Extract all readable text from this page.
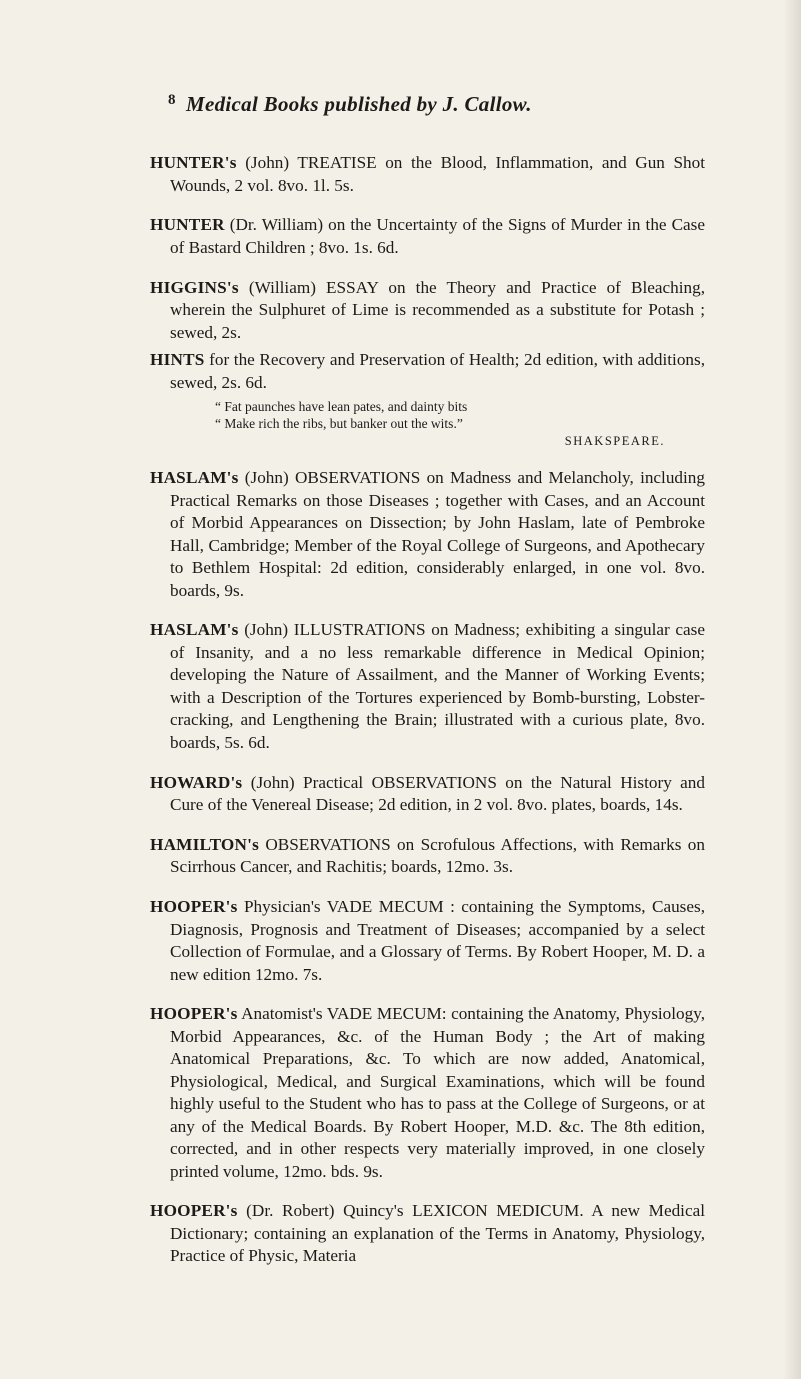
8 Medical Books published by J. Callow.

HUNTER's (John) TREATISE on the Blood, Inflammation, and Gun Shot Wounds, 2 vol. 8vo. 1l. 5s.

HUNTER (Dr. William) on the Uncertainty of the Signs of Murder in the Case of Bastard Children ; 8vo. 1s. 6d.

HIGGINS's (William) ESSAY on the Theory and Practice of Bleaching, wherein the Sulphuret of Lime is recommended as a substitute for Potash ; sewed, 2s.

HINTS for the Recovery and Preservation of Health; 2d edition, with additions, sewed, 2s. 6d.
“ Fat paunches have lean pates, and dainty bits
“ Make rich the ribs, but banker out the wits.”
SHAKSPEARE.

HASLAM's (John) OBSERVATIONS on Madness and Melancholy, including Practical Remarks on those Diseases ; together with Cases, and an Account of Morbid Appearances on Dissection; by John Haslam, late of Pembroke Hall, Cambridge; Member of the Royal College of Surgeons, and Apothecary to Bethlem Hospital: 2d edition, considerably enlarged, in one vol. 8vo. boards, 9s.

HASLAM's (John) ILLUSTRATIONS on Madness; exhibiting a singular case of Insanity, and a no less remarkable difference in Medical Opinion; developing the Nature of Assailment, and the Manner of Working Events; with a Description of the Tortures experienced by Bomb-bursting, Lobster-cracking, and Lengthening the Brain; illustrated with a curious plate, 8vo. boards, 5s. 6d.

HOWARD's (John) Practical OBSERVATIONS on the Natural History and Cure of the Venereal Disease; 2d edition, in 2 vol. 8vo. plates, boards, 14s.

HAMILTON's OBSERVATIONS on Scrofulous Affections, with Remarks on Scirrhous Cancer, and Rachitis; boards, 12mo. 3s.

HOOPER's Physician's VADE MECUM : containing the Symptoms, Causes, Diagnosis, Prognosis and Treatment of Diseases; accompanied by a select Collection of Formulae, and a Glossary of Terms. By Robert Hooper, M. D. a new edition 12mo. 7s.

HOOPER's Anatomist's VADE MECUM: containing the Anatomy, Physiology, Morbid Appearances, &c. of the Human Body ; the Art of making Anatomical Preparations, &c. To which are now added, Anatomical, Physiological, Medical, and Surgical Examinations, which will be found highly useful to the Student who has to pass at the College of Surgeons, or at any of the Medical Boards. By Robert Hooper, M.D. &c. The 8th edition, corrected, and in other respects very materially improved, in one closely printed volume, 12mo. bds. 9s.

HOOPER's (Dr. Robert) Quincy's LEXICON MEDICUM. A new Medical Dictionary; containing an explanation of the Terms in Anatomy, Physiology, Practice of Physic, Materia
